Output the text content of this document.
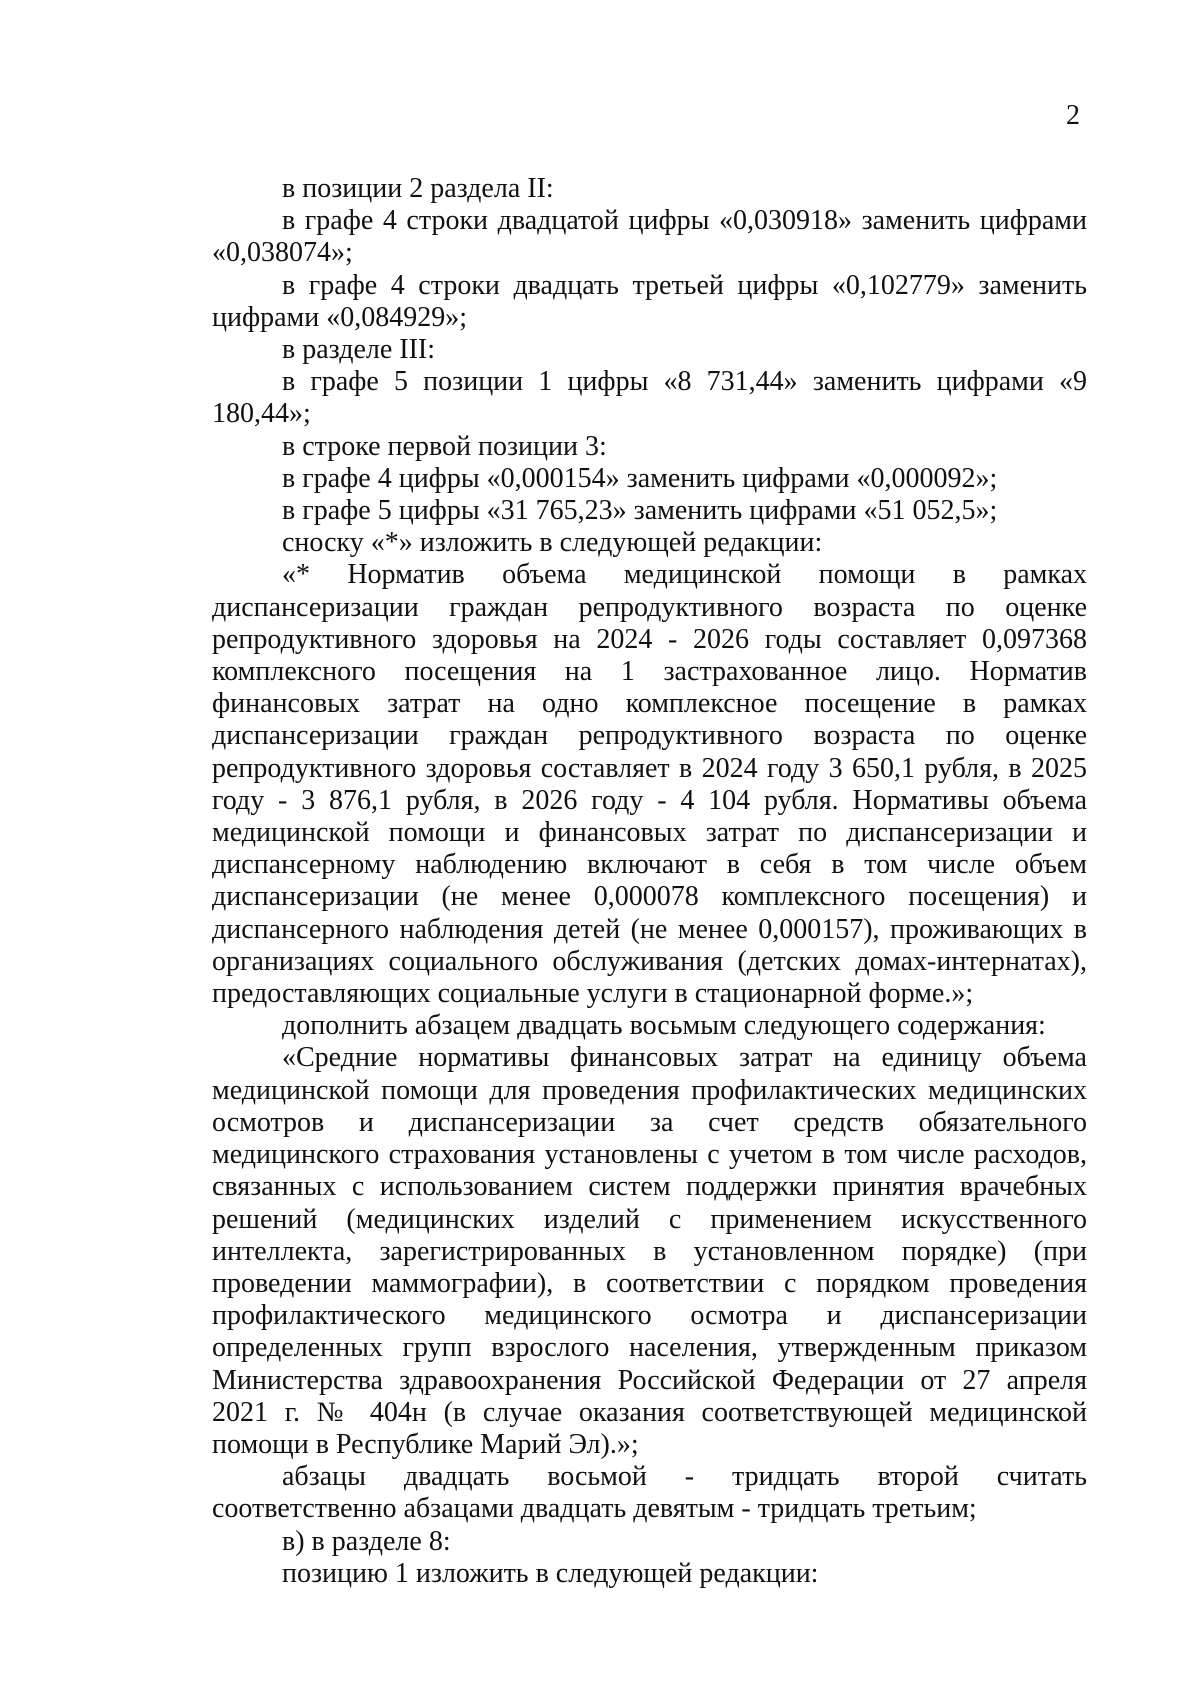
2

в позиции 2 раздела II:

в графе 4 строки двадцатой цифры «0,030918» заменить цифрами «0,038074»;

в графе 4 строки двадцать третьей цифры «0,102779» заменить цифрами «0,084929»;

в разделе III:

в графе 5 позиции 1 цифры «8 731,44» заменить цифрами «9 180,44»;

в строке первой позиции 3:

в графе 4 цифры «0,000154» заменить цифрами «0,000092»;

в графе 5 цифры «31 765,23» заменить цифрами «51 052,5»;

сноску «*» изложить в следующей редакции:

«* Норматив объема медицинской помощи в рамках диспансеризации граждан репродуктивного возраста по оценке репродуктивного здоровья на 2024 - 2026 годы составляет 0,097368 комплексного посещения на 1 застрахованное лицо. Норматив финансовых затрат на одно комплексное посещение в рамках диспансеризации граждан репродуктивного возраста по оценке репродуктивного здоровья составляет в 2024 году 3 650,1 рубля, в 2025 году - 3 876,1 рубля, в 2026 году - 4 104 рубля. Нормативы объема медицинской помощи и финансовых затрат по диспансеризации и диспансерному наблюдению включают в себя в том числе объем диспансеризации (не менее 0,000078 комплексного посещения) и диспансерного наблюдения детей (не менее 0,000157), проживающих в организациях социального обслуживания (детских домах-интернатах), предоставляющих социальные услуги в стационарной форме.»;

дополнить абзацем двадцать восьмым следующего содержания:

«Средние нормативы финансовых затрат на единицу объема медицинской помощи для проведения профилактических медицинских осмотров и диспансеризации за счет средств обязательного медицинского страхования установлены с учетом в том числе расходов, связанных с использованием систем поддержки принятия врачебных решений (медицинских изделий с применением искусственного интеллекта, зарегистрированных в установленном порядке) (при проведении маммографии), в соответствии с порядком проведения профилактического медицинского осмотра и диспансеризации определенных групп взрослого населения, утвержденным приказом Министерства здравоохранения Российской Федерации от 27 апреля 2021 г. № 404н (в случае оказания соответствующей медицинской помощи в Республике Марий Эл).»;

абзацы двадцать восьмой - тридцать второй считать соответственно абзацами двадцать девятым - тридцать третьим;

в) в разделе 8:

позицию 1 изложить в следующей редакции:
